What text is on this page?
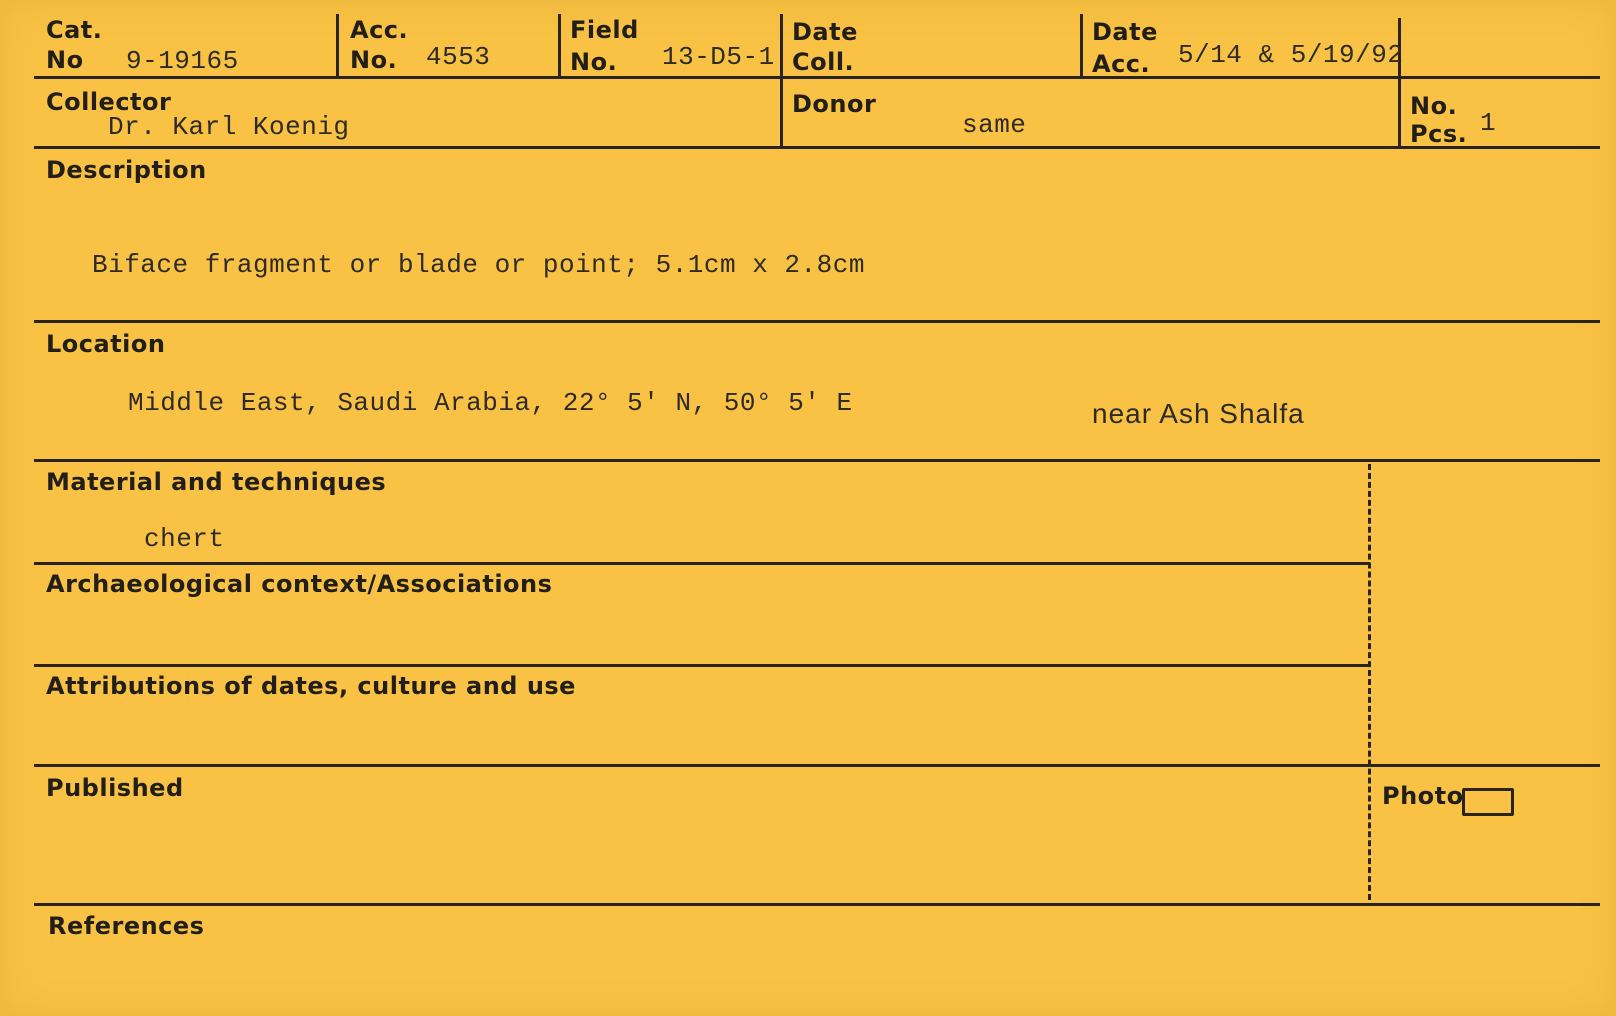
Cat.
No 9-19165
Acc.
No. 4553
Field
No. 13-D5-1
Date
Coll.
Date
Acc. 5/14 & 5/19/92
Collector
Dr. Karl Koenig
Donor
same
No.
Pcs. 1
Description
Biface fragment or blade or point; 5.1cm x 2.8cm
Location
Middle East, Saudi Arabia, 22° 5' N, 50° 5' E	near Ash Shalfa
Material and techniques
chert
Archaeological context/Associations
Attributions of dates, culture and use
Published	Photo
References
